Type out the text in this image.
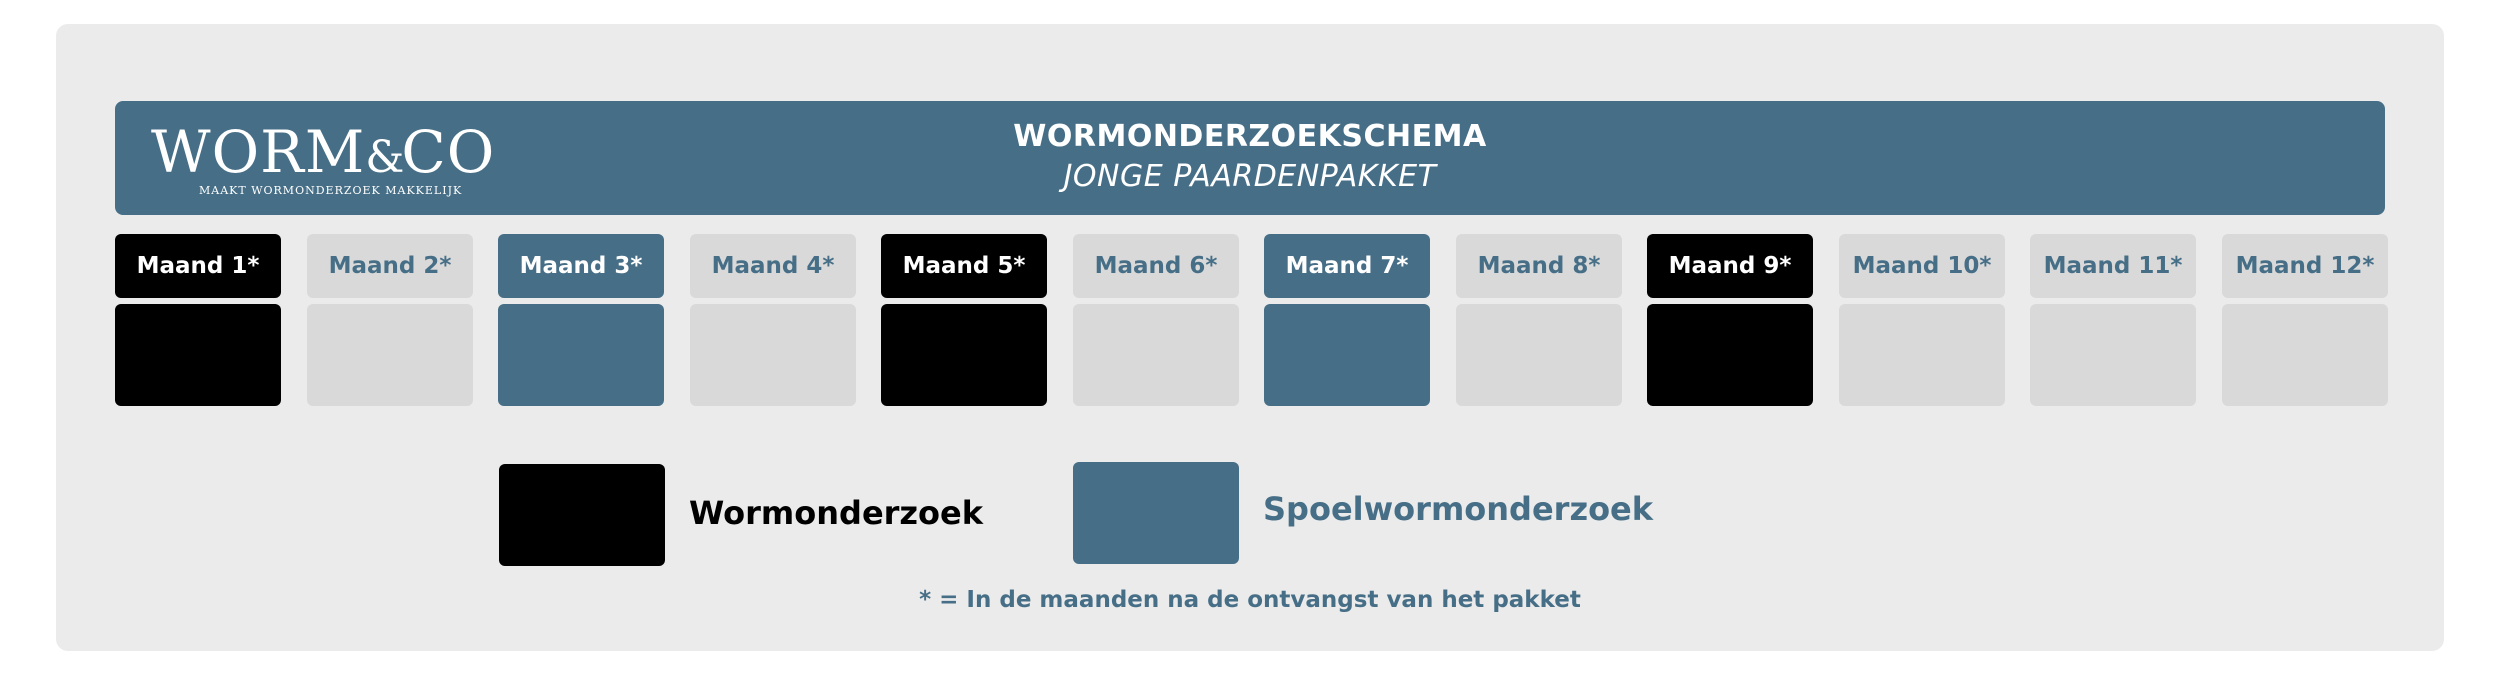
WORM&CO
MAAKT WORMONDERZOEK MAKKELIJK
WORMONDERZOEKSCHEMA
JONGE PAARDENPAKKET
Maand 1*	Maand 2*	Maand 3*	Maand 4*	Maand 5*	Maand 6*	Maand 7*	Maand 8*	Maand 9*	Maand 10*	Maand 11*	Maand 12*
Wormonderzoek	Spoelwormonderzoek
* = In de maanden na de ontvangst van het pakket
